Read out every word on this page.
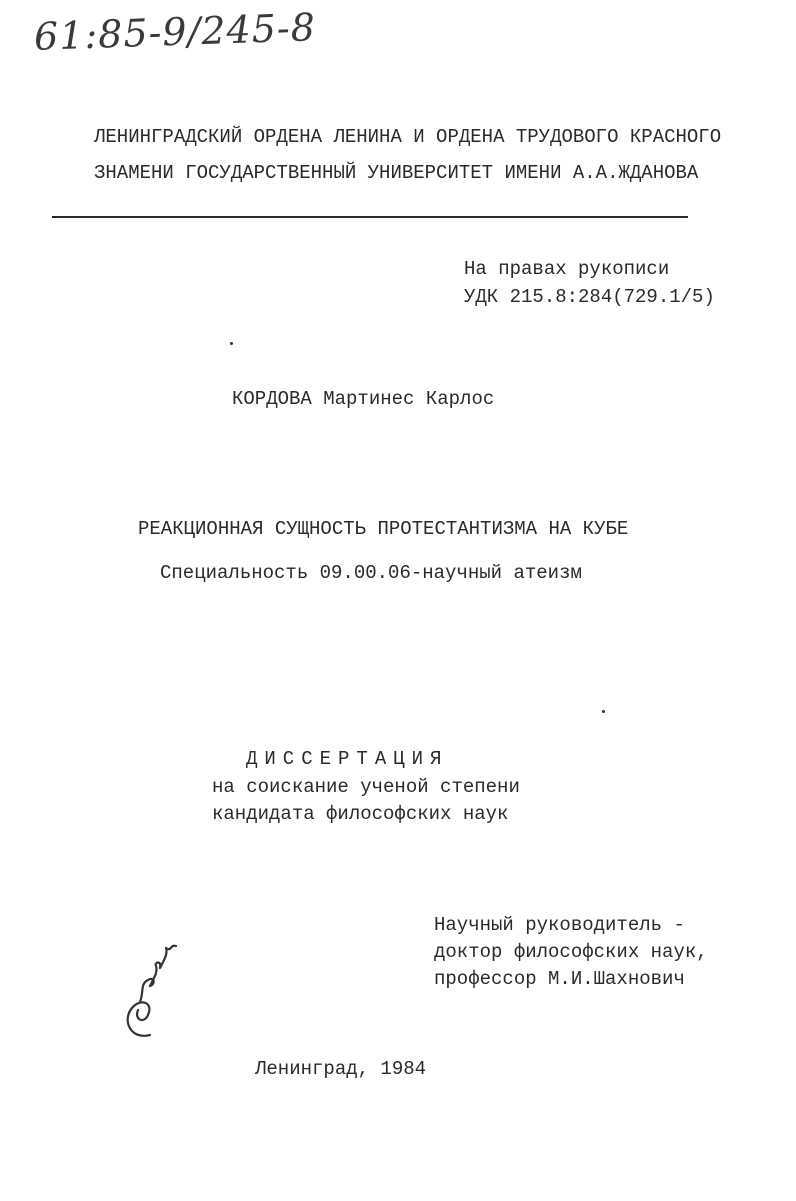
61:85-9/245-8
ЛЕНИНГРАДСКИЙ ОРДЕНА ЛЕНИНА И ОРДЕНА ТРУДОВОГО КРАСНОГО
ЗНАМЕНИ ГОСУДАРСТВЕННЫЙ УНИВЕРСИТЕТ ИМЕНИ А.А.ЖДАНОВА
На правах рукописи
УДК 215.8:284(729.1/5)
КОРДОВА Мартинес Карлос
РЕАКЦИОННАЯ СУЩНОСТЬ ПРОТЕСТАНТИЗМА НА КУБЕ
Специальность 09.00.06-научный атеизм
ДИССЕРТАЦИЯ
на соискание ученой степени
кандидата философских наук
Научный руководитель -
доктор философских наук,
профессор М.И.Шахнович
Ленинград, 1984
